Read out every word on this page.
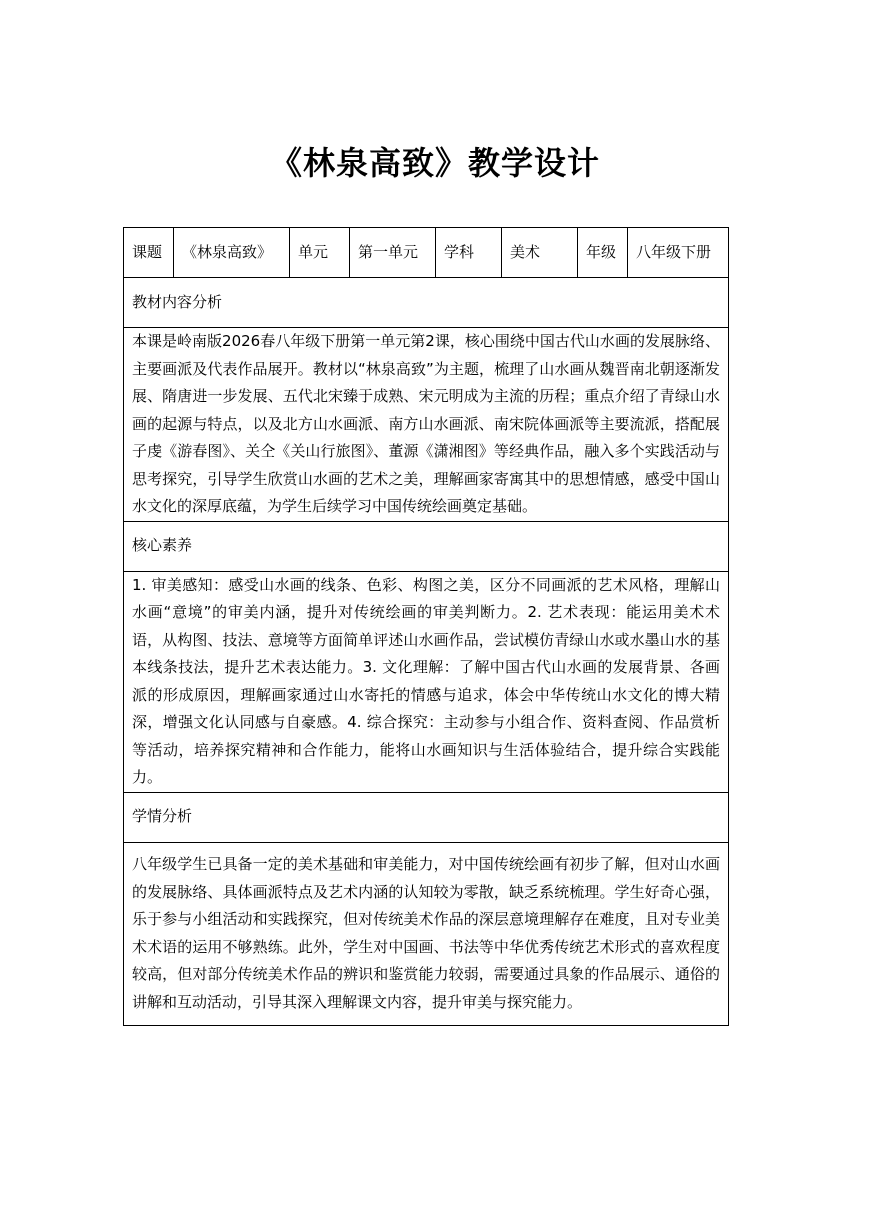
《林泉高致》教学设计
课题	《林泉高致》	单元	第一单元	学科	美术	年级	八年级下册
教材内容分析
本课是岭南版2026春八年级下册第一单元第2课，核心围绕中国古代山水画的发展脉络、主要画派及代表作品展开。教材以“林泉高致”为主题，梳理了山水画从魏晋南北朝逐渐发展、隋唐进一步发展、五代北宋臻于成熟、宋元明成为主流的历程；重点介绍了青绿山水画的起源与特点，以及北方山水画派、南方山水画派、南宋院体画派等主要流派，搭配展子虔《游春图》、关仝《关山行旅图》、董源《潇湘图》等经典作品，融入多个实践活动与思考探究，引导学生欣赏山水画的艺术之美，理解画家寄寓其中的思想情感，感受中国山水文化的深厚底蕴，为学生后续学习中国传统绘画奠定基础。
核心素养
1. 审美感知：感受山水画的线条、色彩、构图之美，区分不同画派的艺术风格，理解山水画“意境”的审美内涵，提升对传统绘画的审美判断力。2. 艺术表现：能运用美术术语，从构图、技法、意境等方面简单评述山水画作品，尝试模仿青绿山水或水墨山水的基本线条技法，提升艺术表达能力。3. 文化理解：了解中国古代山水画的发展背景、各画派的形成原因，理解画家通过山水寄托的情感与追求，体会中华传统山水文化的博大精深，增强文化认同感与自豪感。4. 综合探究：主动参与小组合作、资料查阅、作品赏析等活动，培养探究精神和合作能力，能将山水画知识与生活体验结合，提升综合实践能力。
学情分析
八年级学生已具备一定的美术基础和审美能力，对中国传统绘画有初步了解，但对山水画的发展脉络、具体画派特点及艺术内涵的认知较为零散，缺乏系统梳理。学生好奇心强，乐于参与小组活动和实践探究，但对传统美术作品的深层意境理解存在难度，且对专业美术术语的运用不够熟练。此外，学生对中国画、书法等中华优秀传统艺术形式的喜欢程度较高，但对部分传统美术作品的辨识和鉴赏能力较弱，需要通过具象的作品展示、通俗的讲解和互动活动，引导其深入理解课文内容，提升审美与探究能力。
